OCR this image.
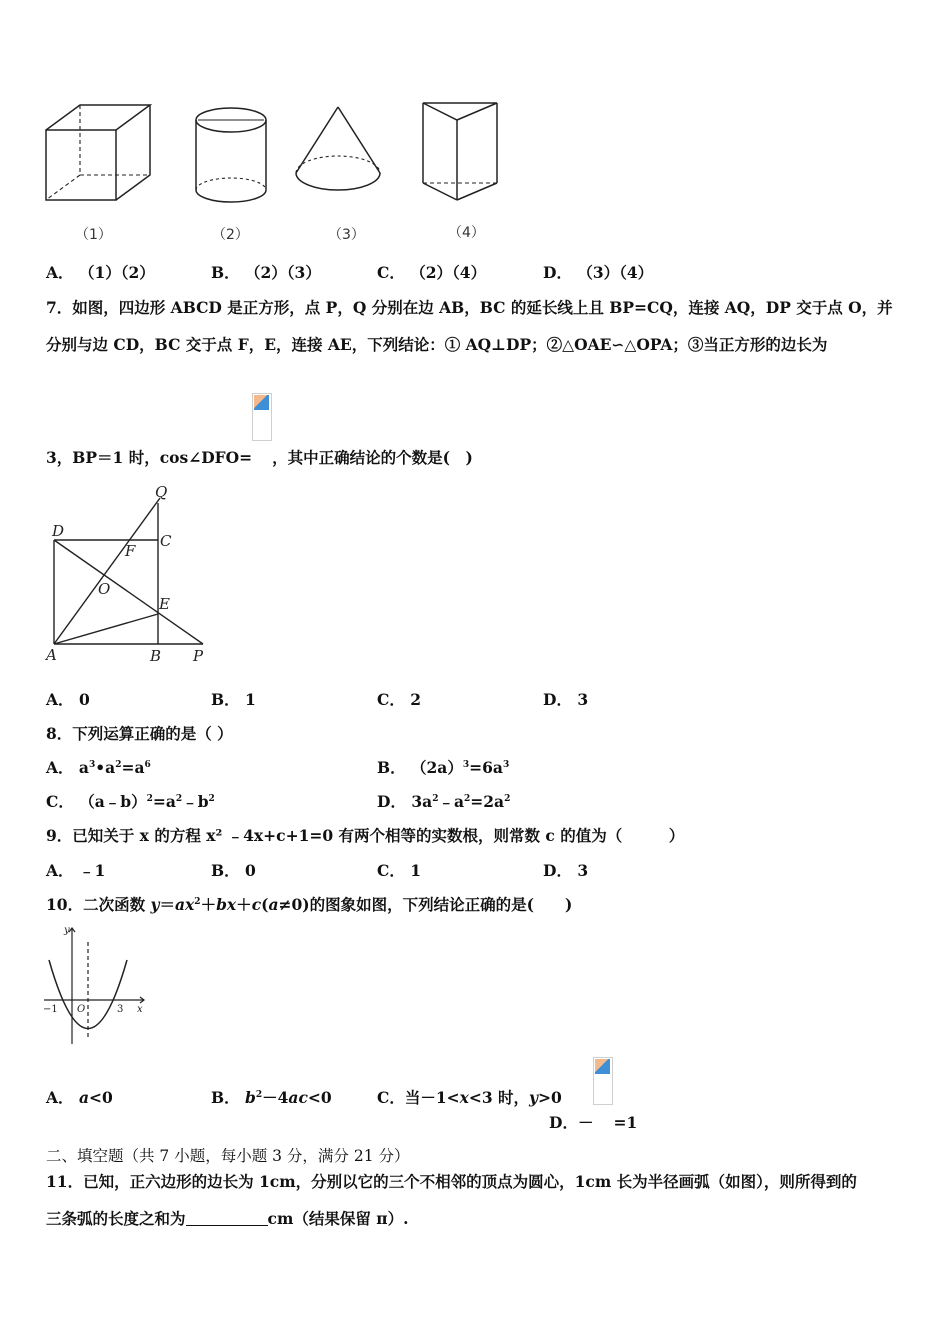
（1）	（2）	（3）	（4）
A． （1）（2）	B． （2）（3）	C． （2）（4）	D． （3）（4）
7．如图，四边形 ABCD 是正方形，点 P，Q 分别在边 AB，BC 的延长线上且 BP=CQ，连接 AQ，DP 交于点 O，并
分别与边 CD，BC 交于点 F，E，连接 AE，下列结论：① AQ⊥DP；②△OAE∽△OPA；③当正方形的边长为
3，BP＝1 时，cos∠DFO= ，其中正确结论的个数是(　)
D
C
Q
F
O
E
A	B P
A． 0	B． 1	C． 2	D． 3
8．下列运算正确的是（ ）
A． $a^3•a^2=a^6$	B． $(2a)^3=6a^3$
C． $(a﹣b)^2=a^2﹣b^2$	D． $3a^2﹣a^2=2a^2$
9．已知关于 x 的方程 x² ﹣4x+c+1=0 有两个相等的实数根，则常数 c 的值为（　　　）
A． ﹣1	B． 0	C． 1	D． 3
10．二次函数 $y=ax^2+bx+c(a\ne 0)$的图象如图，下列结论正确的是(　　)
y
x
O
−1	3
A． a<0	B． $b^2-4ac<0$	C．当－1<x<3 时，y>0
D．－ =1
二、填空题（共 7 小题，每小题 3 分，满分 21 分）
11．已知，正六边形的边长为 1cm，分别以它的三个不相邻的顶点为圆心，1cm 长为半径画弧（如图），则所得到的
三条弧的长度之和为	cm（结果保留 π）.
